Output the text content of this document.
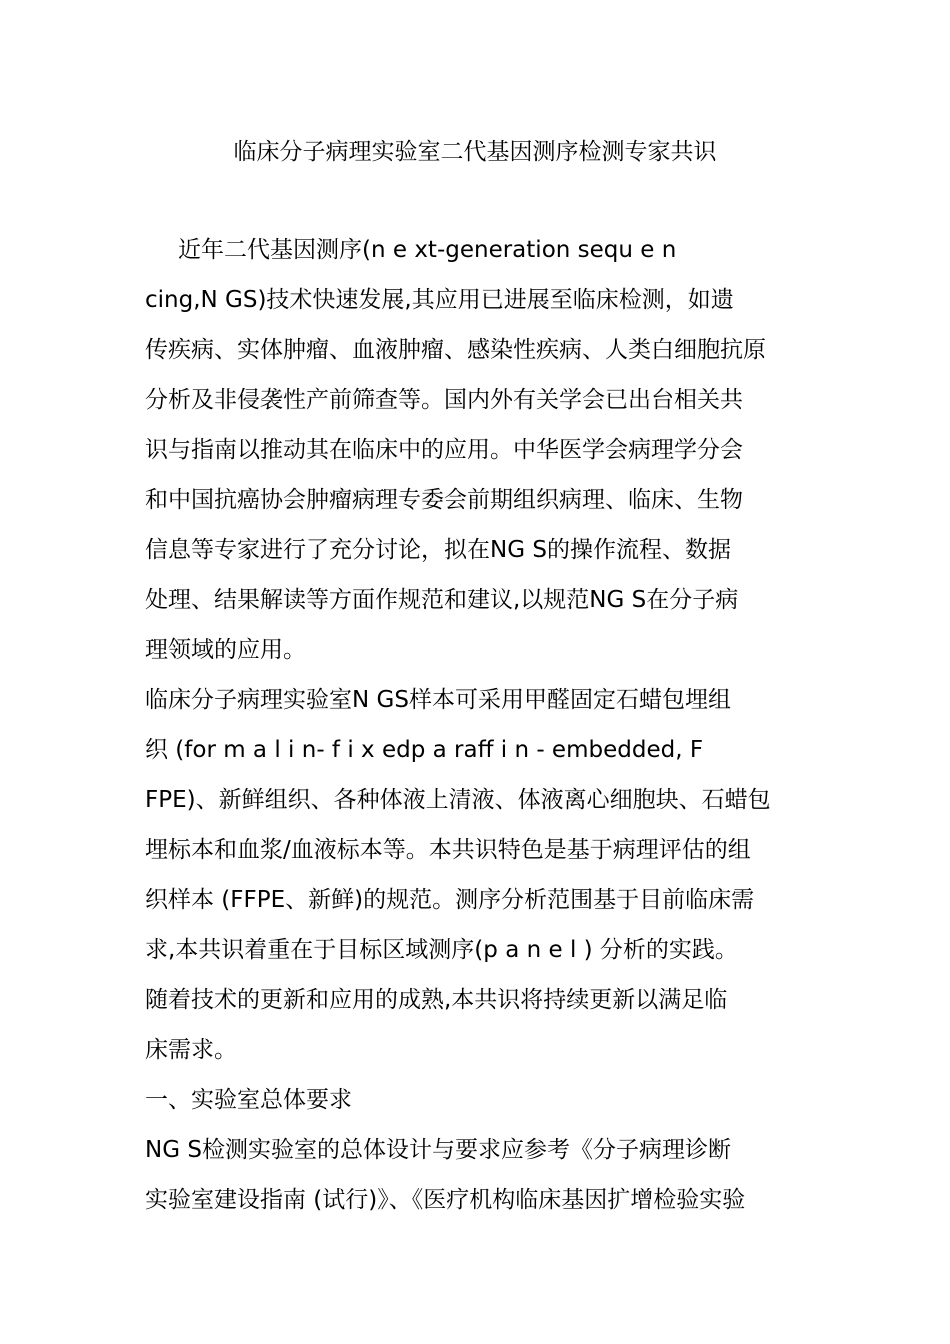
临床分子病理实验室二代基因测序检测专家共识
近年二代基因测序(n e xt-generation sequ e n
cing,N GS)技术快速发展,其应用已进展至临床检测，如遗
传疾病、实体肿瘤、血液肿瘤、感染性疾病、人类白细胞抗原
分析及非侵袭性产前筛查等。国内外有关学会已出台相关共
识与指南以推动其在临床中的应用。中华医学会病理学分会
和中国抗癌协会肿瘤病理专委会前期组织病理、临床、生物
信息等专家进行了充分讨论，拟在NG S的操作流程、数据
处理、结果解读等方面作规范和建议,以规范NG S在分子病
理领域的应用。
临床分子病理实验室N GS样本可采用甲醛固定石蜡包埋组
织 (for m a l i n- f i x edp a raff i n - embedded, F
FPE)、新鲜组织、各种体液上清液、体液离心细胞块、石蜡包
埋标本和血浆/血液标本等。本共识特色是基于病理评估的组
织样本 (FFPE、新鲜)的规范。测序分析范围基于目前临床需
求,本共识着重在于目标区域测序(p a n e l ) 分析的实践。
随着技术的更新和应用的成熟,本共识将持续更新以满足临
床需求。
一、实验室总体要求
NG S检测实验室的总体设计与要求应参考《分子病理诊断
实验室建设指南 (试行)》、《医疗机构临床基因扩增检验实验
